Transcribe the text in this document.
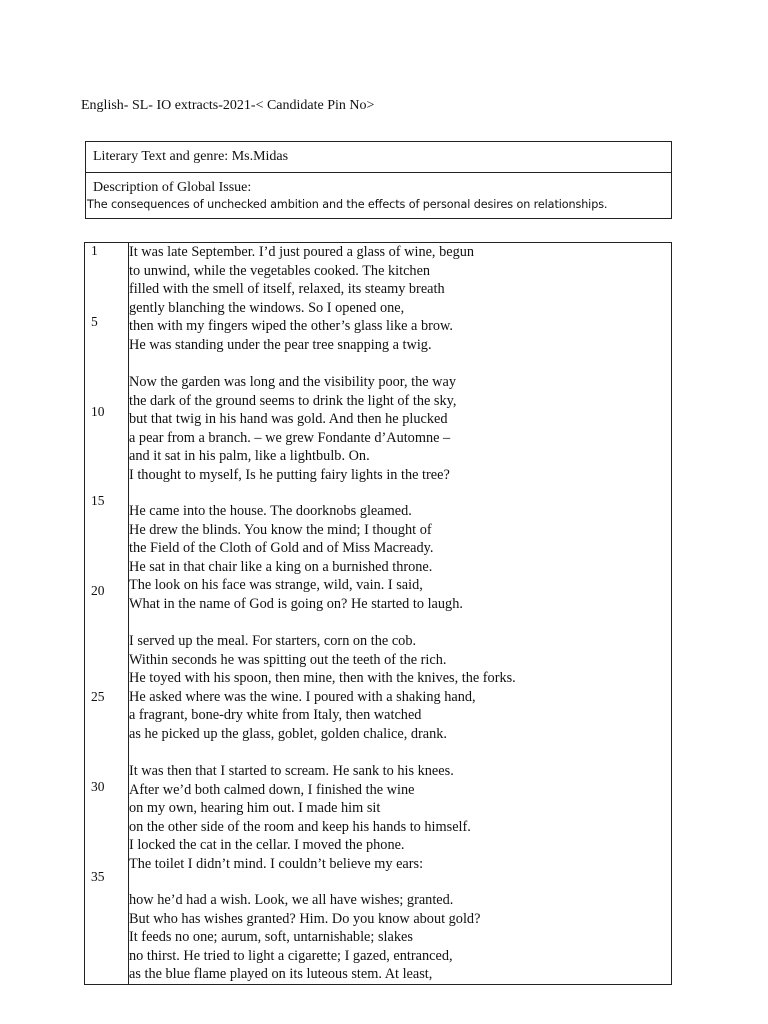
English- SL- IO extracts-2021-< Candidate Pin No>
Literary Text and genre: Ms.Midas
Description of Global Issue:
The consequences of unchecked ambition and the effects of personal desires on relationships.
1
5
10
15
20
25
30
35
It was late September. I’d just poured a glass of wine, begun
to unwind, while the vegetables cooked. The kitchen
filled with the smell of itself, relaxed, its steamy breath
gently blanching the windows. So I opened one,
then with my fingers wiped the other’s glass like a brow.
He was standing under the pear tree snapping a twig.
Now the garden was long and the visibility poor, the way
the dark of the ground seems to drink the light of the sky,
but that twig in his hand was gold. And then he plucked
a pear from a branch. – we grew Fondante d’Automne –
and it sat in his palm, like a lightbulb. On.
I thought to myself, Is he putting fairy lights in the tree?
He came into the house. The doorknobs gleamed.
He drew the blinds. You know the mind; I thought of
the Field of the Cloth of Gold and of Miss Macready.
He sat in that chair like a king on a burnished throne.
The look on his face was strange, wild, vain. I said,
What in the name of God is going on? He started to laugh.
I served up the meal. For starters, corn on the cob.
Within seconds he was spitting out the teeth of the rich.
He toyed with his spoon, then mine, then with the knives, the forks.
He asked where was the wine. I poured with a shaking hand,
a fragrant, bone-dry white from Italy, then watched
as he picked up the glass, goblet, golden chalice, drank.
It was then that I started to scream. He sank to his knees.
After we’d both calmed down, I finished the wine
on my own, hearing him out. I made him sit
on the other side of the room and keep his hands to himself.
I locked the cat in the cellar. I moved the phone.
The toilet I didn’t mind. I couldn’t believe my ears:
how he’d had a wish. Look, we all have wishes; granted.
But who has wishes granted? Him. Do you know about gold?
It feeds no one; aurum, soft, untarnishable; slakes
no thirst. He tried to light a cigarette; I gazed, entranced,
as the blue flame played on its luteous stem. At least,
